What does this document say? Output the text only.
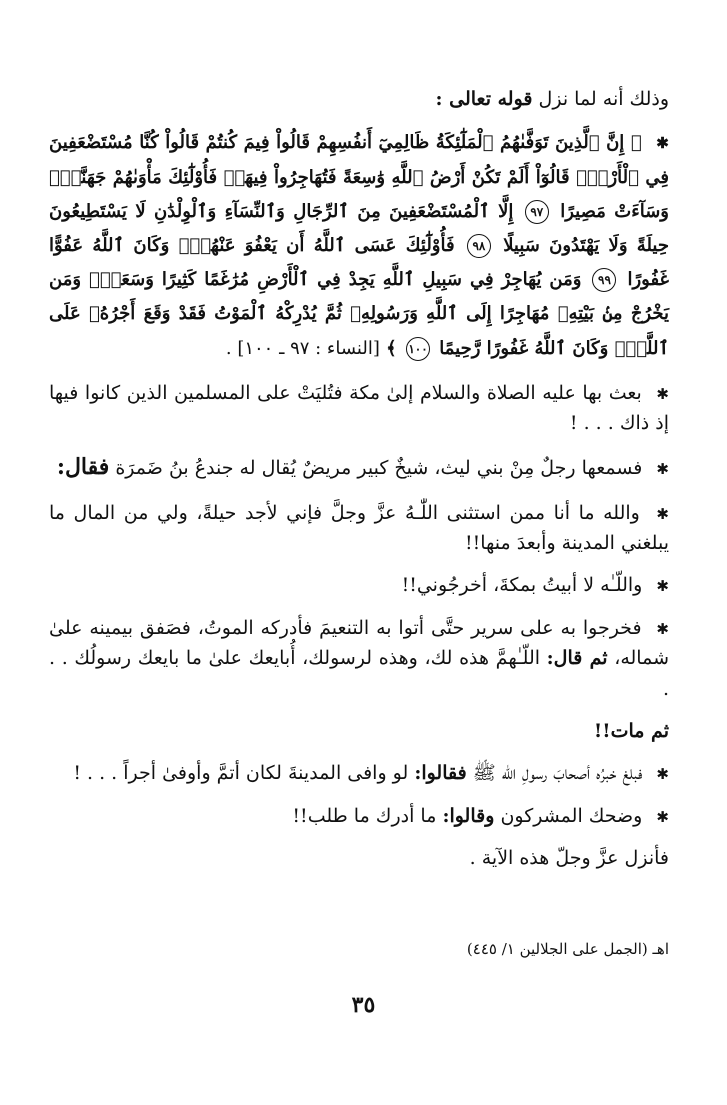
وذلك أنه لما نزل قوله تعالى :

✱ ﴿ إِنَّ ٱلَّذِينَ تَوَفَّىٰهُمُ ٱلْمَلَٰٓئِكَةُ ظَالِمِيٓ أَنفُسِهِمْ قَالُواْ فِيمَ كُنتُمْ قَالُواْ كُنَّا مُسْتَضْعَفِينَ فِي ٱلْأَرْضِۚ قَالُوٓاْ أَلَمْ تَكُنْ أَرْضُ ٱللَّهِ وَٰسِعَةً فَتُهَاجِرُواْ فِيهَاۚ فَأُوْلَٰٓئِكَ مَأْوَىٰهُمْ جَهَنَّمُۖ وَسَآءَتْ مَصِيرًا ٩٧ إِلَّا ٱلْمُسْتَضْعَفِينَ مِنَ ٱلرِّجَالِ وَٱلنِّسَآءِ وَٱلْوِلْدَٰنِ لَا يَسْتَطِيعُونَ حِيلَةً وَلَا يَهْتَدُونَ سَبِيلًا ٩٨ فَأُوْلَٰٓئِكَ عَسَى ٱللَّهُ أَن يَعْفُوَ عَنْهُمْۚ وَكَانَ ٱللَّهُ عَفُوًّا غَفُورًا ٩٩ وَمَن يُهَاجِرْ فِي سَبِيلِ ٱللَّهِ يَجِدْ فِي ٱلْأَرْضِ مُرَٰغَمًا كَثِيرًا وَسَعَةًۚ وَمَن يَخْرُجْ مِنۢ بَيْتِهِۦ مُهَاجِرًا إِلَى ٱللَّهِ وَرَسُولِهِۦ ثُمَّ يُدْرِكْهُ ٱلْمَوْتُ فَقَدْ وَقَعَ أَجْرُهُۥ عَلَى ٱللَّهِۗ وَكَانَ ٱللَّهُ غَفُورًا رَّحِيمًا ١٠٠ ﴾ [النساء : ٩٧ ـ ١٠٠] .

✱ بعث بها عليه الصلاة والسلام إلىٰ مكة فتُليَتْ على المسلمين الذين كانوا فيها إذ ذاك . . . !

✱ فسمعها رجلٌ مِنْ بني ليث، شيخٌ كبير مريضٌ يُقال له جندعُ بنُ ضَمرَة فقال:

✱ والله ما أنا ممن استثنى اللّٰـهُ عزَّ وجلَّ فإني لأجد حيلةً، ولي من المال ما يبلغني المدينة وأبعدَ منها!!

✱ واللّـٰه لا أبيتُ بمكةَ، أخرجُوني!!

✱ فخرجوا به على سرير حتَّى أتوا به التنعيمَ فأدركه الموتُ، فصَفق بيمينه علىٰ شماله، ثم قال: اللّـٰهمَّ هذه لك، وهذه لرسولك، أُبايعك علىٰ ما بايعك رسولُك . . .

ثم مات!!

✱ فبلغ خبرُه أصحابَ رسولِ الله ﷺ فقالوا: لو وافى المدينةَ لكان أتمَّ وأوفىٰ أجراً . . . !

✱ وضحك المشركون وقالوا: ما أدرك ما طلب!!

فأنزل عزَّ وجلّ هذه الآية .

اهـ (الجمل على الجلالين ١/ ٤٤٥)
٣٥
